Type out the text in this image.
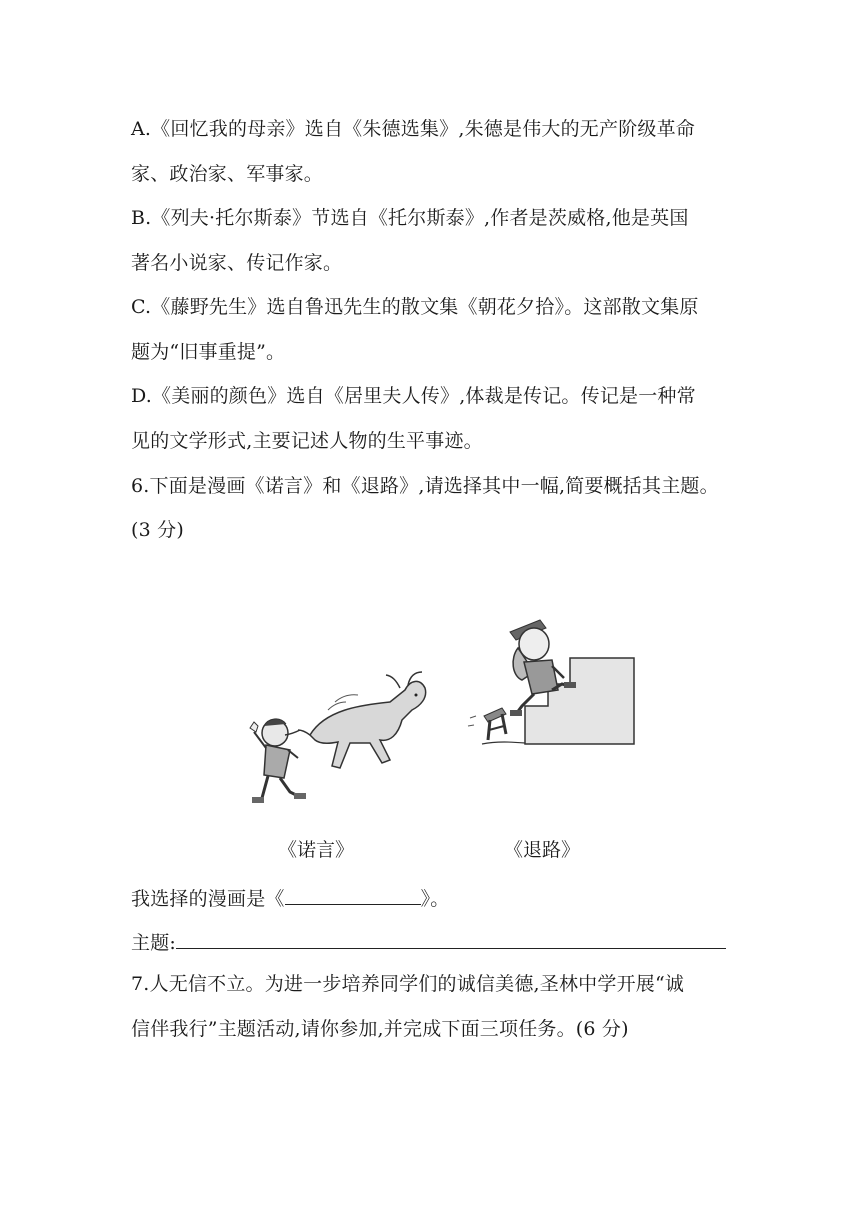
A.《回忆我的母亲》选自《朱德选集》,朱德是伟大的无产阶级革命
家、政治家、军事家。
B.《列夫·托尔斯泰》节选自《托尔斯泰》,作者是茨威格,他是英国
著名小说家、传记作家。
C.《藤野先生》选自鲁迅先生的散文集《朝花夕拾》。这部散文集原
题为“旧事重提”。
D.《美丽的颜色》选自《居里夫人传》,体裁是传记。传记是一种常
见的文学形式,主要记述人物的生平事迹。
6.下面是漫画《诺言》和《退路》,请选择其中一幅,简要概括其主题。
(3 分)
《诺言》	《退路》
我选择的漫画是《	》。
主题:
7.人无信不立。为进一步培养同学们的诚信美德,圣林中学开展“诚
信伴我行”主题活动,请你参加,并完成下面三项任务。(6 分)
